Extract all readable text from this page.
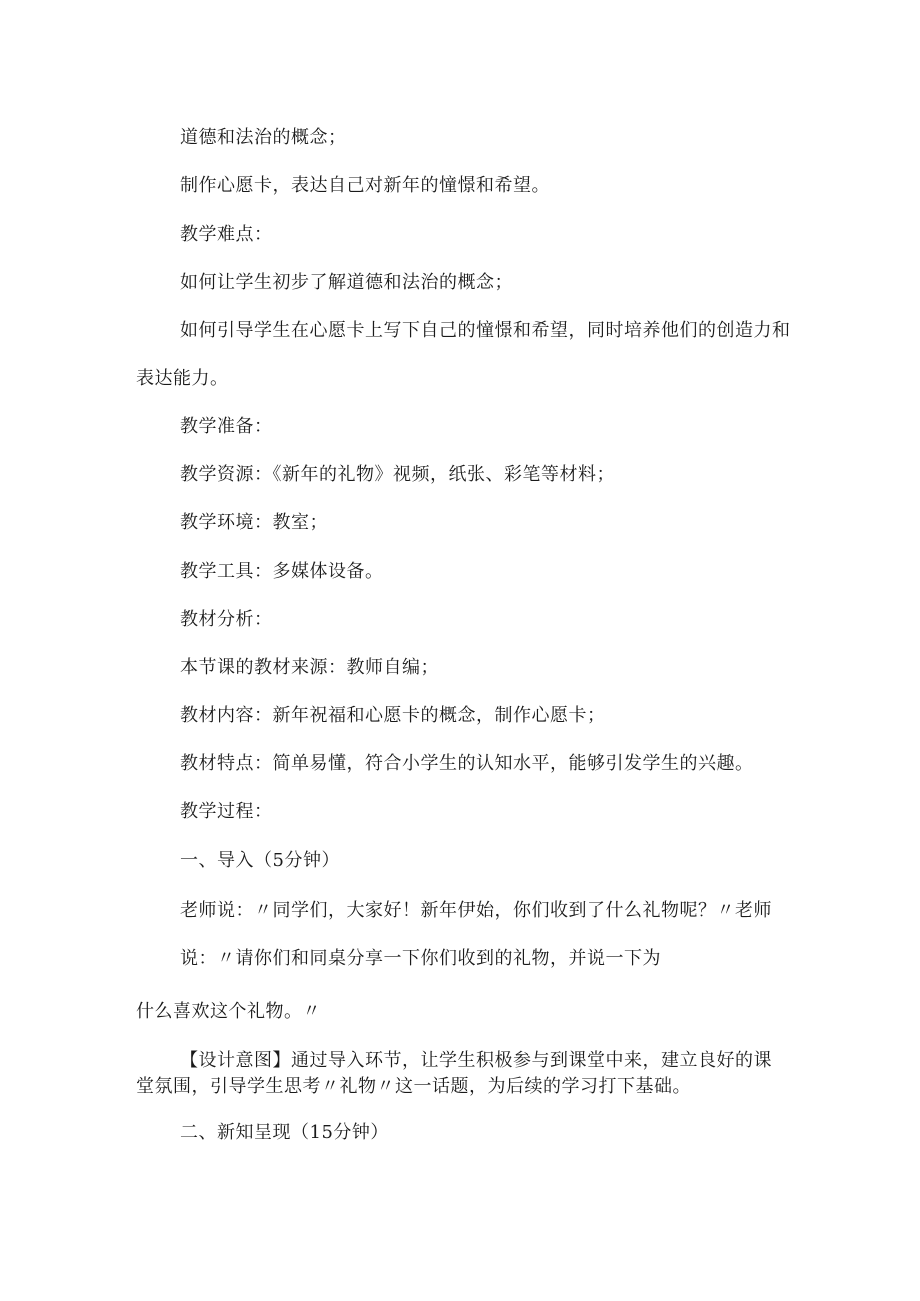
道德和法治的概念；
制作心愿卡，表达自己对新年的憧憬和希望。
教学难点：
如何让学生初步了解道德和法治的概念；
如何引导学生在心愿卡上写下自己的憧憬和希望，同时培养他们的创造力和
表达能力。
教学准备：
教学资源：《新年的礼物》视频，纸张、彩笔等材料；
教学环境：教室；
教学工具：多媒体设备。
教材分析：
本节课的教材来源：教师自编；
教材内容：新年祝福和心愿卡的概念，制作心愿卡；
教材特点：简单易懂，符合小学生的认知水平，能够引发学生的兴趣。
教学过程：
一、导入（5分钟）
老师说：〃同学们，大家好！新年伊始，你们收到了什么礼物呢？〃老师
说：〃请你们和同桌分享一下你们收到的礼物，并说一下为
什么喜欢这个礼物。〃
【设计意图】通过导入环节，让学生积极参与到课堂中来，建立良好的课
堂氛围，引导学生思考〃礼物〃这一话题，为后续的学习打下基础。
二、新知呈现（15分钟）
